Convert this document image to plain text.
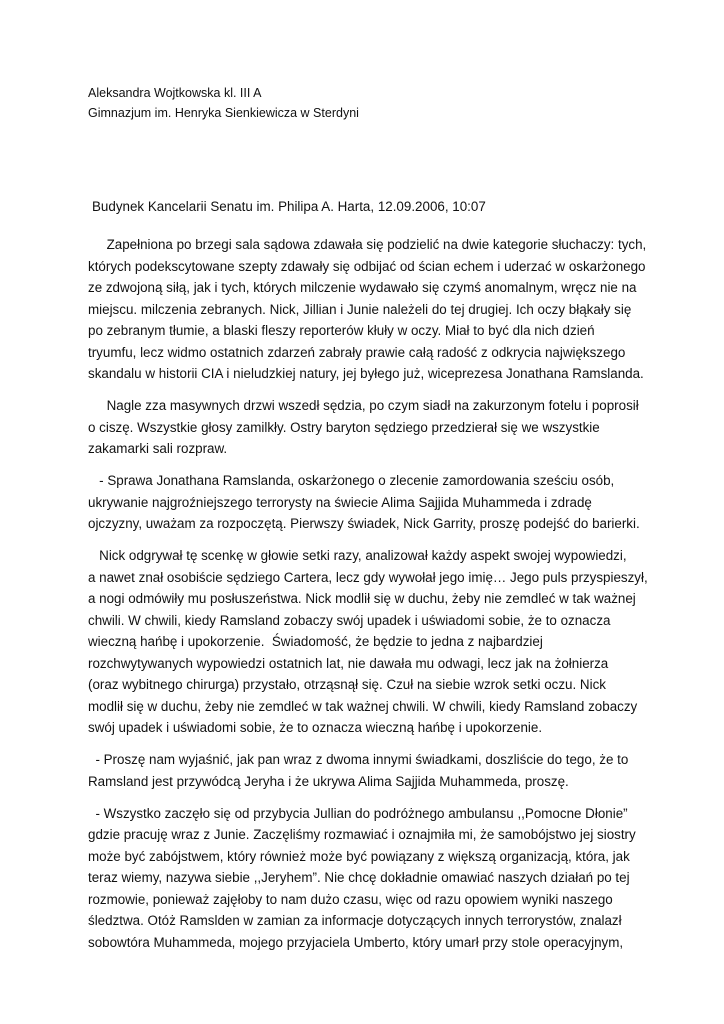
Aleksandra Wojtkowska kl. III A
Gimnazjum im. Henryka Sienkiewicza w Sterdyni
Budynek Kancelarii Senatu im. Philipa A. Harta, 12.09.2006, 10:07
Zapełniona po brzegi sala sądowa zdawała się podzielić na dwie kategorie słuchaczy: tych,
których podekscytowane szepty zdawały się odbijać od ścian echem i uderzać w oskarżonego
ze zdwojoną siłą, jak i tych, których milczenie wydawało się czymś anomalnym, wręcz nie na
miejscu. milczenia zebranych. Nick, Jillian i Junie należeli do tej drugiej. Ich oczy błąkały się
po zebranym tłumie, a blaski fleszy reporterów kłuły w oczy. Miał to być dla nich dzień
tryumfu, lecz widmo ostatnich zdarzeń zabrały prawie całą radość z odkrycia największego
skandalu w historii CIA i nieludzkiej natury, jej byłego już, wiceprezesa Jonathana Ramslanda.
Nagle zza masywnych drzwi wszedł sędzia, po czym siadł na zakurzonym fotelu i poprosił
o ciszę. Wszystkie głosy zamilkły. Ostry baryton sędziego przedzierał się we wszystkie
zakamarki sali rozpraw.
- Sprawa Jonathana Ramslanda, oskarżonego o zlecenie zamordowania sześciu osób,
ukrywanie najgroźniejszego terrorysty na świecie Alima Sajjida Muhammeda i zdradę
ojczyzny, uważam za rozpoczętą. Pierwszy świadek, Nick Garrity, proszę podejść do barierki.
Nick odgrywał tę scenkę w głowie setki razy, analizował każdy aspekt swojej wypowiedzi,
a nawet znał osobiście sędziego Cartera, lecz gdy wywołał jego imię… Jego puls przyspieszył,
a nogi odmówiły mu posłuszeństwa. Nick modlił się w duchu, żeby nie zemdleć w tak ważnej
chwili. W chwili, kiedy Ramsland zobaczy swój upadek i uświadomi sobie, że to oznacza
wieczną hańbę i upokorzenie.  Świadomość, że będzie to jedna z najbardziej
rozchwytywanych wypowiedzi ostatnich lat, nie dawała mu odwagi, lecz jak na żołnierza
(oraz wybitnego chirurga) przystało, otrząsnął się. Czuł na siebie wzrok setki oczu. Nick
modlił się w duchu, żeby nie zemdleć w tak ważnej chwili. W chwili, kiedy Ramsland zobaczy
swój upadek i uświadomi sobie, że to oznacza wieczną hańbę i upokorzenie.
- Proszę nam wyjaśnić, jak pan wraz z dwoma innymi świadkami, doszliście do tego, że to
Ramsland jest przywódcą Jeryha i że ukrywa Alima Sajjida Muhammeda, proszę.
- Wszystko zaczęło się od przybycia Jullian do podróżnego ambulansu ,,Pomocne Dłonie”
gdzie pracuję wraz z Junie. Zaczęliśmy rozmawiać i oznajmiła mi, że samobójstwo jej siostry
może być zabójstwem, który również może być powiązany z większą organizacją, która, jak
teraz wiemy, nazywa siebie ,,Jeryhem”. Nie chcę dokładnie omawiać naszych działań po tej
rozmowie, ponieważ zajęłoby to nam dużo czasu, więc od razu opowiem wyniki naszego
śledztwa. Otóż Ramslden w zamian za informacje dotyczących innych terrorystów, znalazł
sobowtóra Muhammeda, mojego przyjaciela Umberto, który umarł przy stole operacyjnym,
